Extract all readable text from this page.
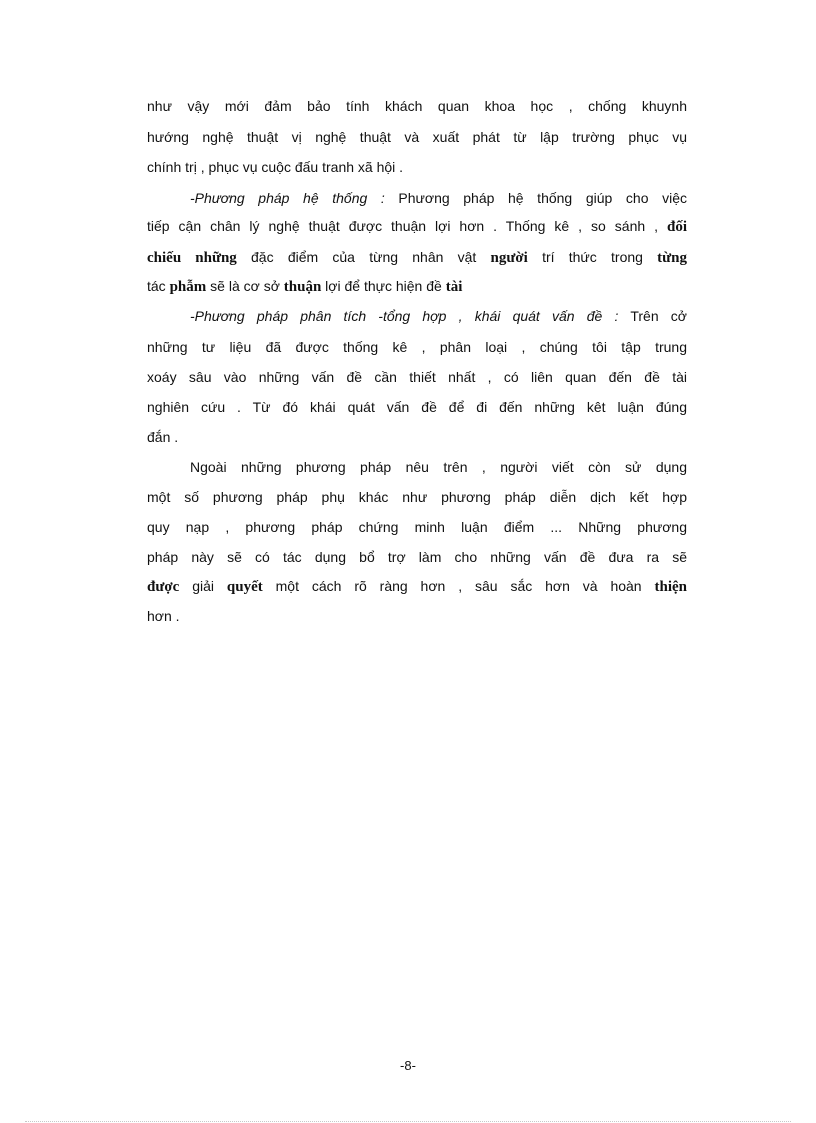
như vậy mới đảm bảo tính khách quan khoa học , chống khuynh
hướng nghệ thuật vị nghệ thuật và xuất phát từ lập trường phục vụ
chính trị , phục vụ cuộc đấu tranh xã hội .
-Phương pháp hệ thống : Phương pháp hệ thống giúp cho việc
tiếp cận chân lý nghệ thuật được thuận lợi hơn . Thống kê , so sánh , đối
chiếu những đặc điểm của từng nhân vật người trí thức trong từng
tác phẫm sẽ là cơ sở thuận lợi để thực hiện đề tài
-Phương pháp phân tích -tổng hợp , khái quát vấn đề : Trên cở
những tư liệu đã được thống kê , phân loại , chúng tôi tập trung
xoáy sâu vào những vấn đề cần thiết nhất , có liên quan đến đề tài
nghiên cứu . Từ đó khái quát vấn đề để đi đến những kêt luận đúng
đắn .
Ngoài những phương pháp nêu trên , người viết còn sử dụng
một số phương pháp phụ khác như phương pháp diễn dịch kết hợp
quy nạp , phương pháp chứng minh luận điểm ... Những phương
pháp này sẽ có tác dụng bổ trợ làm cho những vấn đề đưa ra sẽ
được giải quyết một cách rõ ràng hơn , sâu sắc hơn và hoàn thiện
hơn .
-8-
